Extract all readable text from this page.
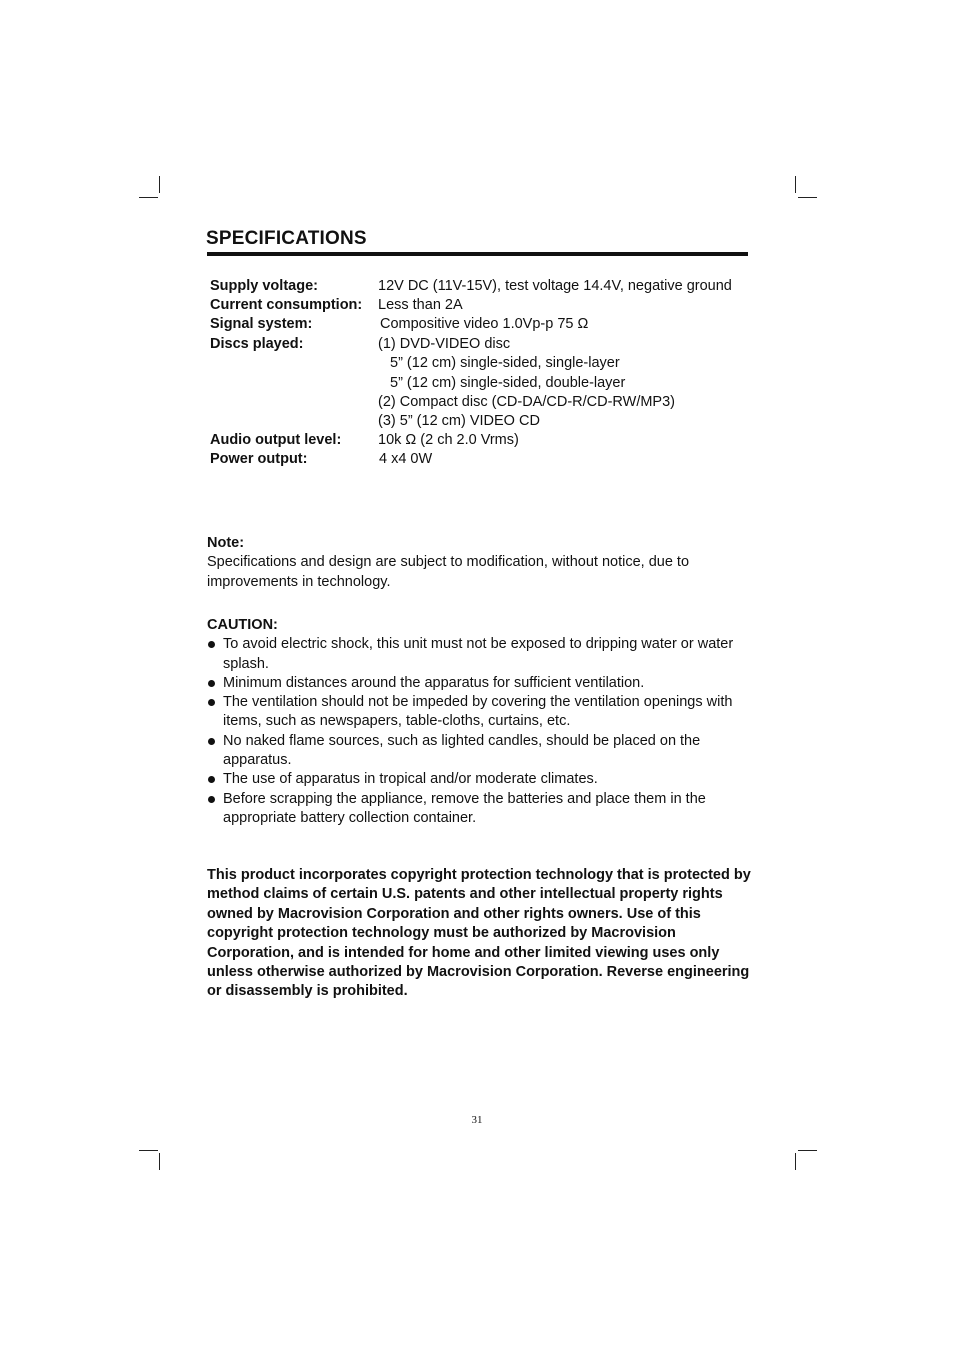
SPECIFICATIONS
Supply voltage:	12V DC (11V-15V), test voltage 14.4V, negative ground
Current consumption: Less than 2A
Signal system:	Compositive video 1.0Vp-p 75 Ω
Discs played:	(1) DVD-VIDEO disc
5” (12 cm) single-sided, single-layer
5” (12 cm) single-sided, double-layer
(2) Compact disc (CD-DA/CD-R/CD-RW/MP3)
(3) 5” (12 cm) VIDEO CD
Audio output level:	10k Ω (2 ch 2.0 Vrms)
Power output:	4 x4 0W
Note:
Specifications and design are subject to modification, without notice, due to improvements in technology.
CAUTION:
To avoid electric shock, this unit must not be exposed to dripping water or water splash.
Minimum distances around the apparatus for sufficient ventilation.
The ventilation should not be impeded by covering the ventilation openings with items, such as newspapers, table-cloths, curtains, etc.
No naked flame sources, such as lighted candles, should be placed on the apparatus.
The use of apparatus in tropical and/or moderate climates.
Before scrapping the appliance, remove the batteries and place them in the appropriate battery collection container.
This product incorporates copyright protection technology that is protected by method claims of certain U.S. patents and other intellectual property rights owned by Macrovision Corporation and other rights owners. Use of this copyright protection technology must be authorized by Macrovision Corporation, and is intended for home and other limited viewing uses only unless otherwise authorized by Macrovision Corporation. Reverse engineering or disassembly is prohibited.
31
